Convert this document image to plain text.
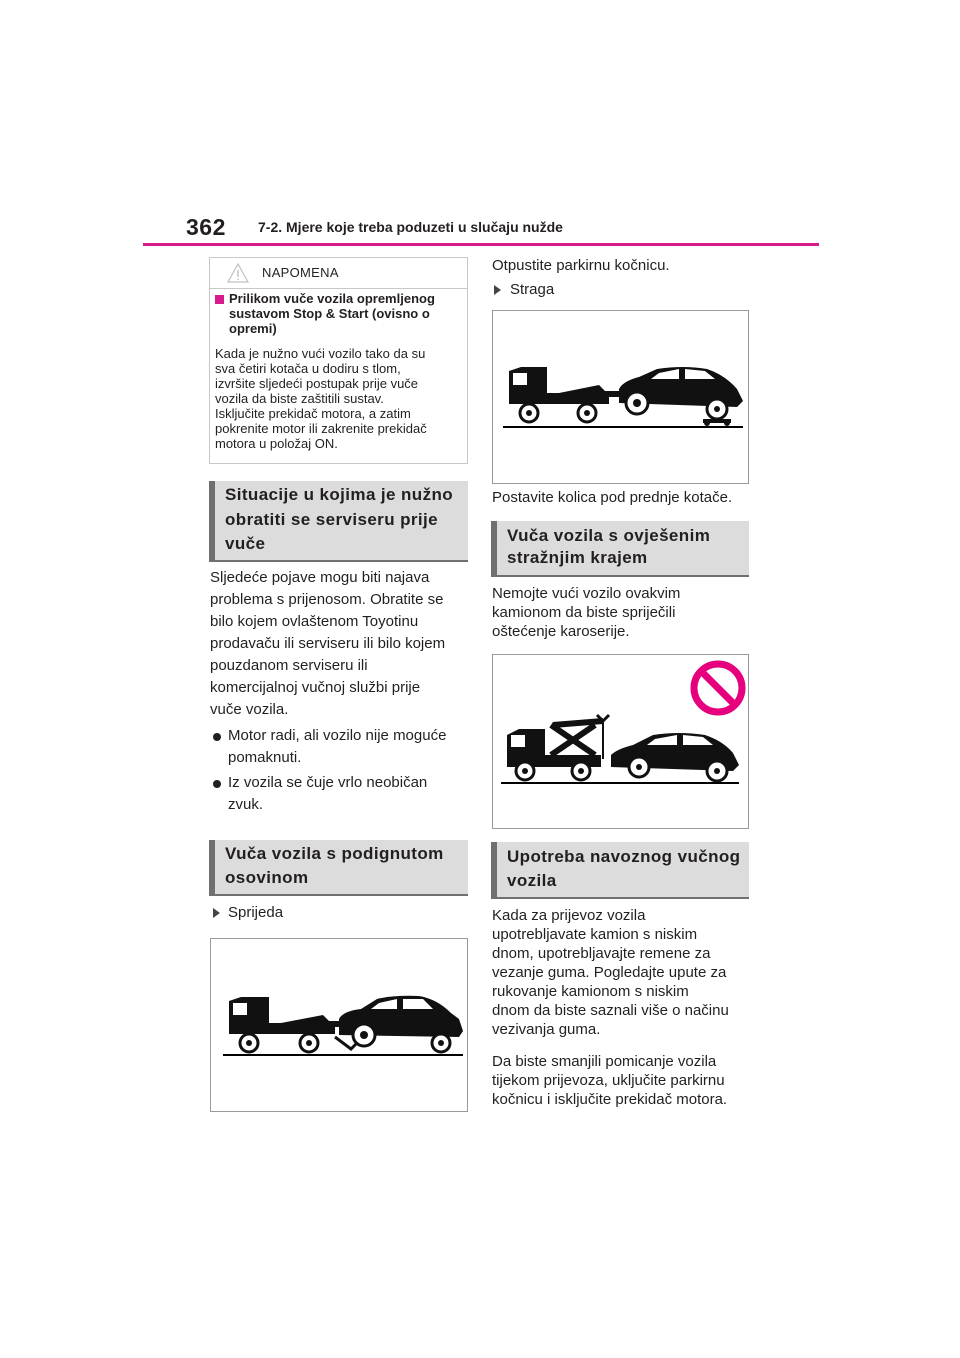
362 7-2. Mjere koje treba poduzeti u slučaju nužde
NAPOMENA
Prilikom vuče vozila opremljenog sustavom Stop & Start (ovisno o opremi)
Kada je nužno vući vozilo tako da su
sva četiri kotača u dodiru s tlom,
izvršite sljedeći postupak prije vuče
vozila da biste zaštitili sustav.
Isključite prekidač motora, a zatim
pokrenite motor ili zakrenite prekidač
motora u položaj ON.
Situacije u kojima je nužno
obratiti se serviseru prije
vuče
Sljedeće pojave mogu biti najava
problema s prijenosom. Obratite se
bilo kojem ovlaštenom Toyotinu
prodavaču ili serviseru ili bilo kojem
pouzdanom serviseru ili
komercijalnoj vučnoj službi prije
vuče vozila.
Motor radi, ali vozilo nije moguće
pomaknuti.
Iz vozila se čuje vrlo neobičan
zvuk.
Vuča vozila s podignutom
osovinom
Sprijeda
Otpustite parkirnu kočnicu.
Straga
Postavite kolica pod prednje kotače.
Vuča vozila s ovješenim
stražnjim krajem
Nemojte vući vozilo ovakvim
kamionom da biste spriječili
oštećenje karoserije.
Upotreba navoznog vučnog
vozila
Kada za prijevoz vozila
upotrebljavate kamion s niskim
dnom, upotrebljavajte remene za
vezanje guma. Pogledajte upute za
rukovanje kamionom s niskim
dnom da biste saznali više o načinu
vezivanja guma.
Da biste smanjili pomicanje vozila
tijekom prijevoza, uključite parkirnu
kočnicu i isključite prekidač motora.
